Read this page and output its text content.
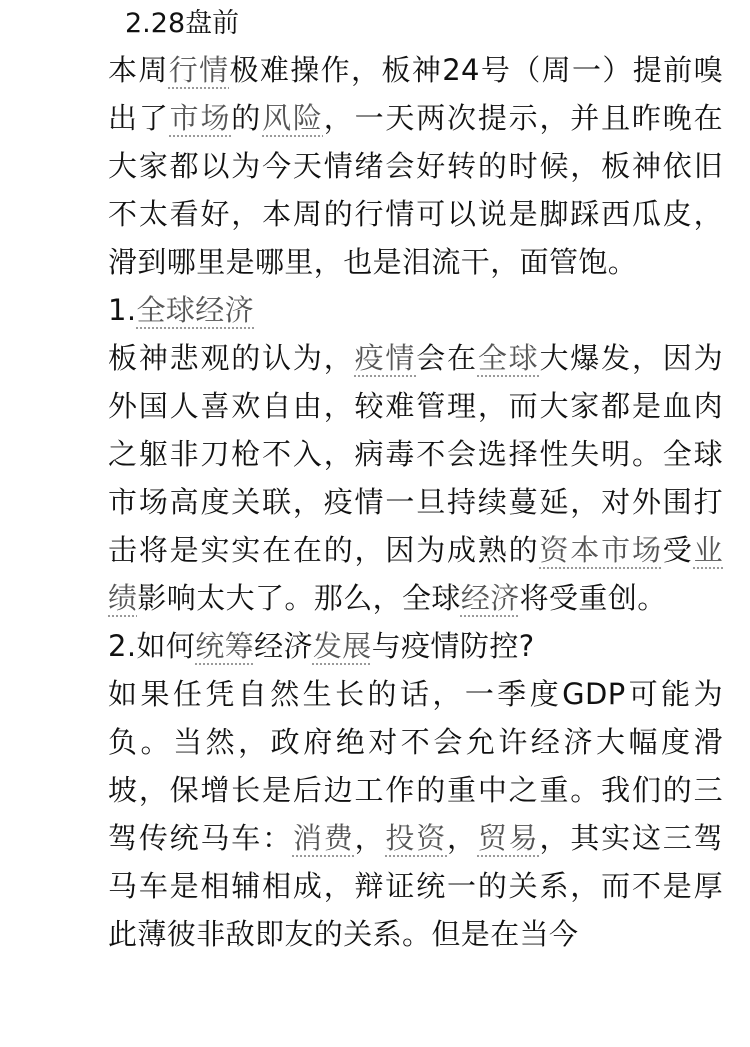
2.28盘前

本周行情极难操作，板神24号（周一）提前嗅出了市场的风险，一天两次提示，并且昨晚在大家都以为今天情绪会好转的时候，板神依旧不太看好，本周的行情可以说是脚踩西瓜皮，滑到哪里是哪里，也是泪流干，面管饱。

1.全球经济

板神悲观的认为，疫情会在全球大爆发，因为外国人喜欢自由，较难管理，而大家都是血肉之躯非刀枪不入，病毒不会选择性失明。全球市场高度关联，疫情一旦持续蔓延，对外围打击将是实实在在的，因为成熟的资本市场受业绩影响太大了。那么，全球经济将受重创。

2.如何统筹经济发展与疫情防控?

如果任凭自然生长的话，一季度GDP可能为负。当然，政府绝对不会允许经济大幅度滑坡，保增长是后边工作的重中之重。我们的三驾传统马车：消费，投资，贸易，其实这三驾马车是相辅相成，辩证统一的关系，而不是厚此薄彼非敌即友的关系。但是在当今
